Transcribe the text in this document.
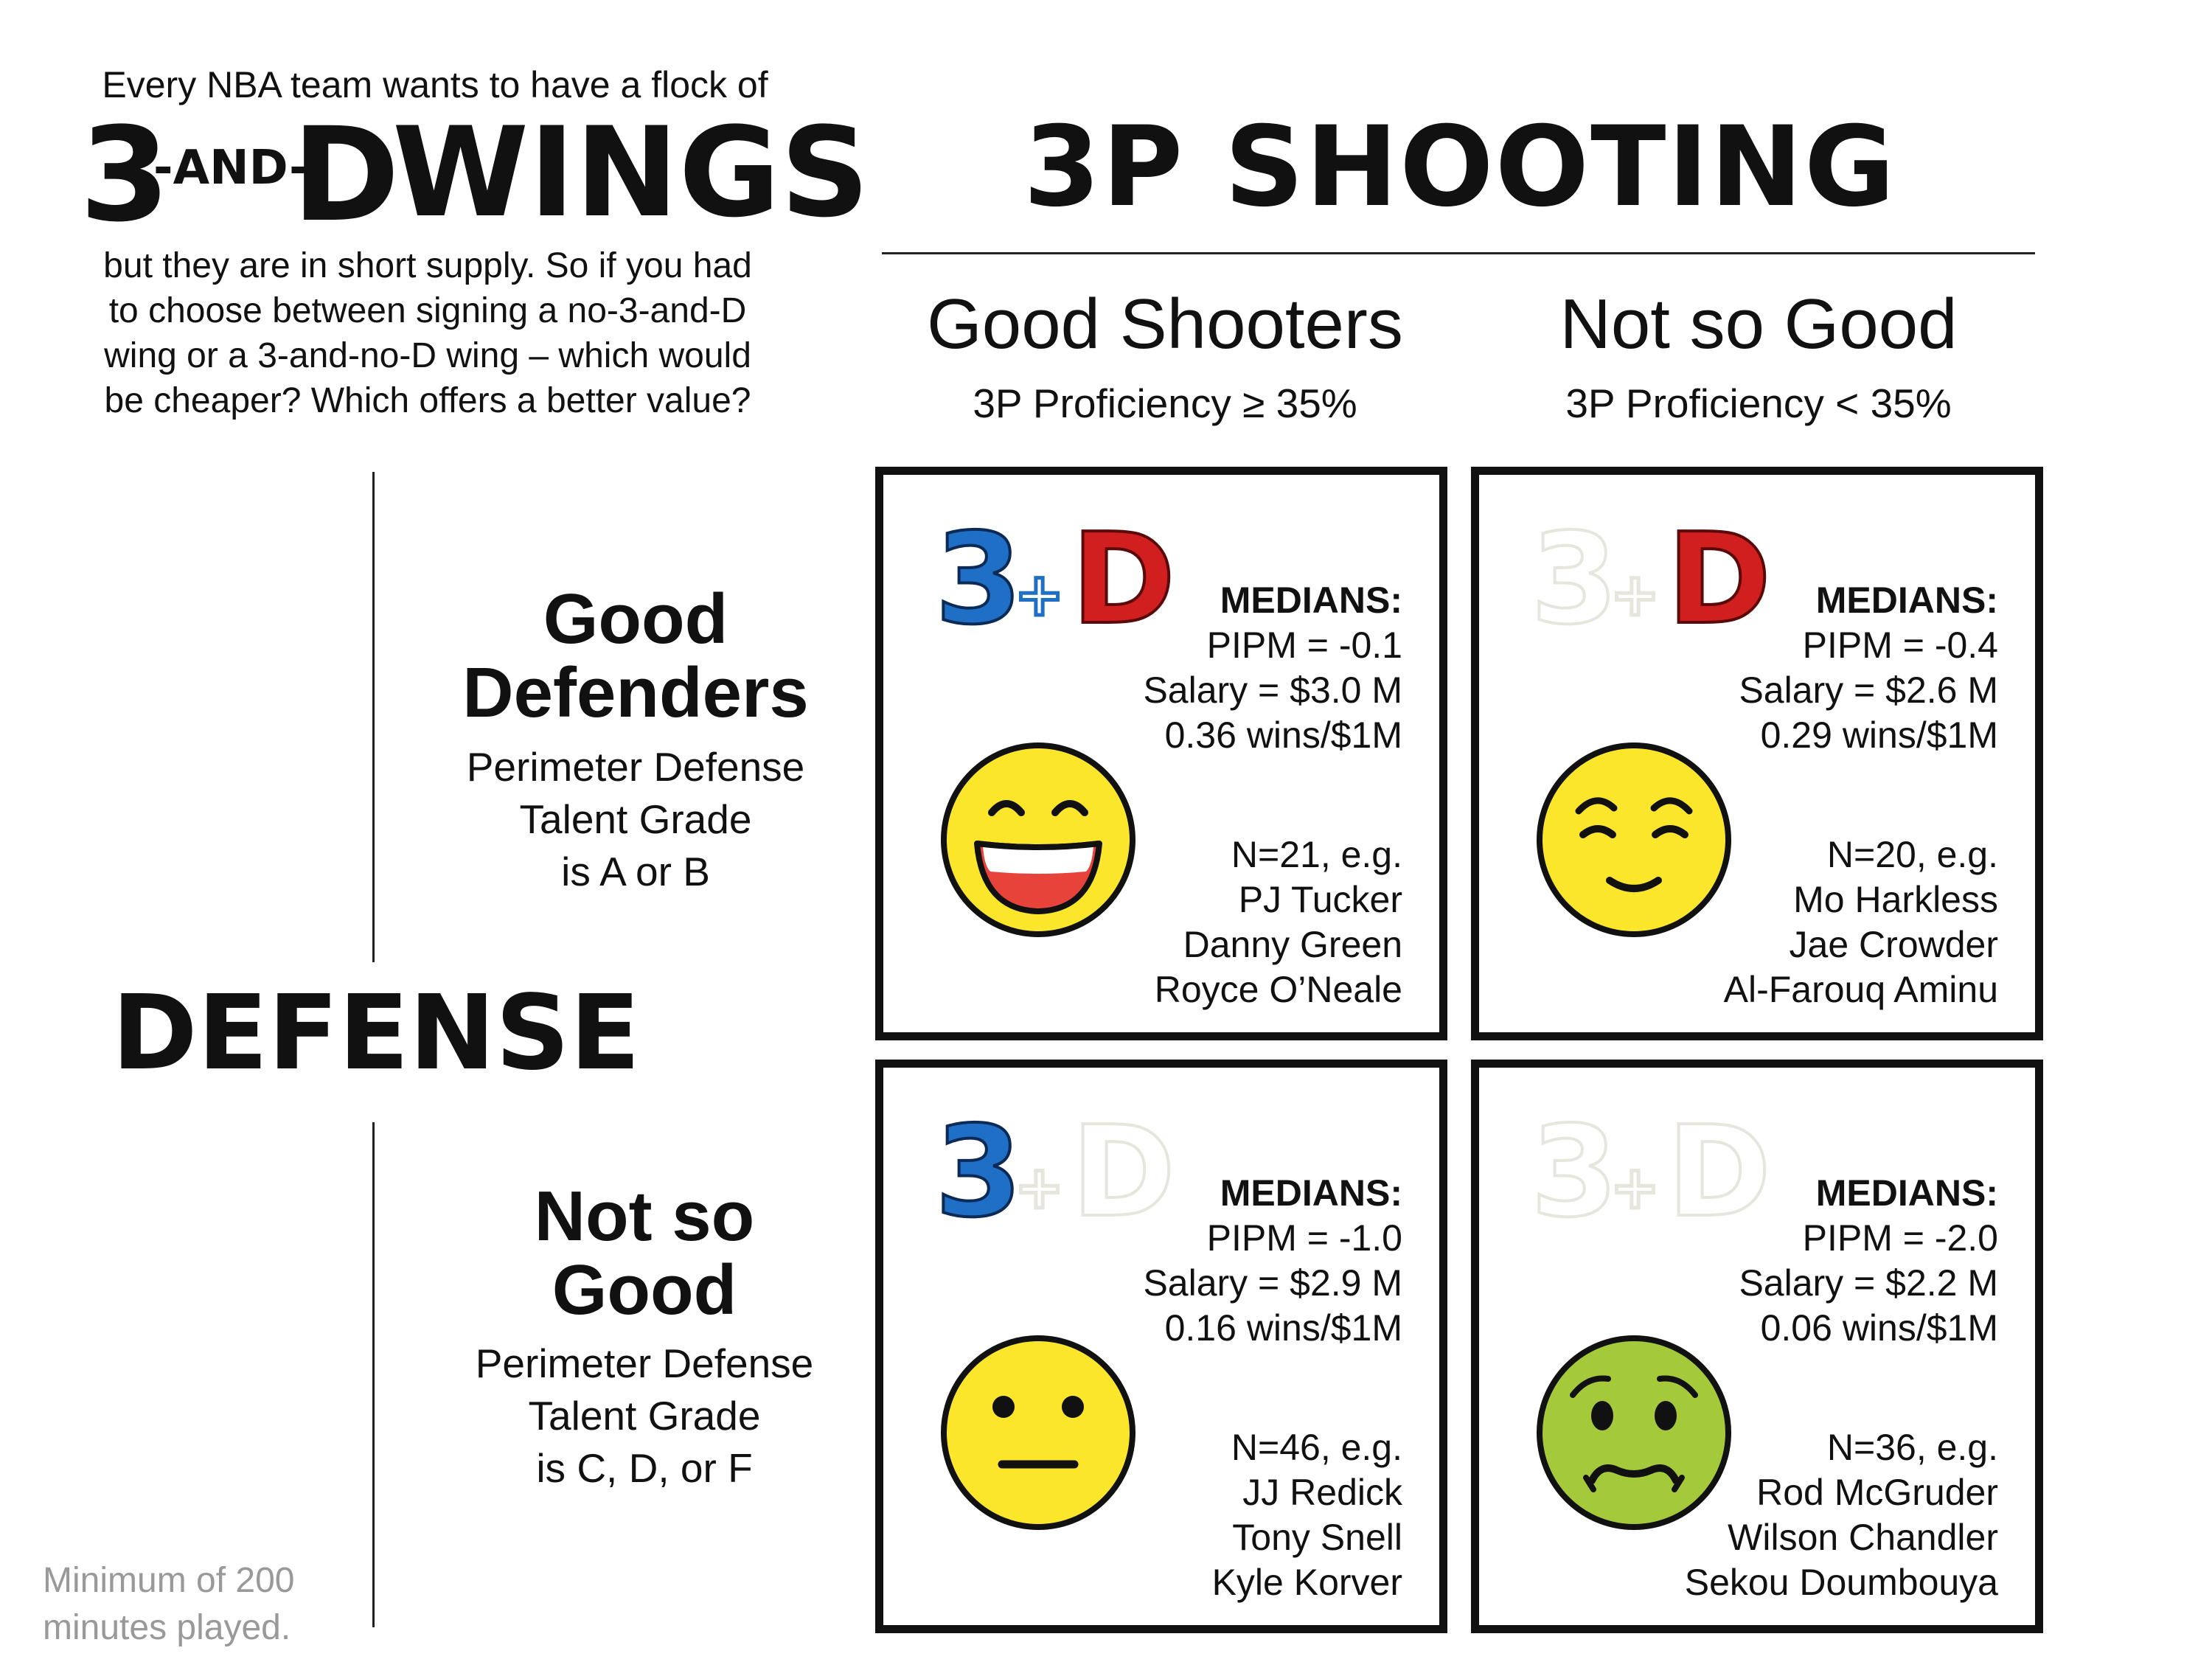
Every NBA team wants to have a flock of
3
-AND-
D
WINGS
but they are in short supply. So if you had
to choose between signing a no-3-and-D
wing or a 3-and-no-D wing – which would
be cheaper? Which offers a better value?
3P SHOOTING
Good Shooters
3P Proficiency ≥ 35%
Not so Good
3P Proficiency < 35%
DEFENSE
Good
Defenders
Perimeter Defense
Talent Grade
is A or B
Not so
Good
Perimeter Defense
Talent Grade
is C, D, or F
Minimum of 200
minutes played.
3
+ D	MEDIANS:
PIPM = -0.1
Salary = $3.0 M
0.36 wins/$1M
N=21, e.g.
PJ Tucker
Danny Green
Royce O’Neale
3
+ D	MEDIANS:
PIPM = -0.4
Salary = $2.6 M
0.29 wins/$1M
N=20, e.g.
Mo Harkless
Jae Crowder
Al-Farouq Aminu
3
+ D	MEDIANS:
PIPM = -1.0
Salary = $2.9 M
0.16 wins/$1M
N=46, e.g.
JJ Redick
Tony Snell
Kyle Korver
3
+ D	MEDIANS:
PIPM = -2.0
Salary = $2.2 M
0.06 wins/$1M
N=36, e.g.
Rod McGruder
Wilson Chandler
Sekou Doumbouya
